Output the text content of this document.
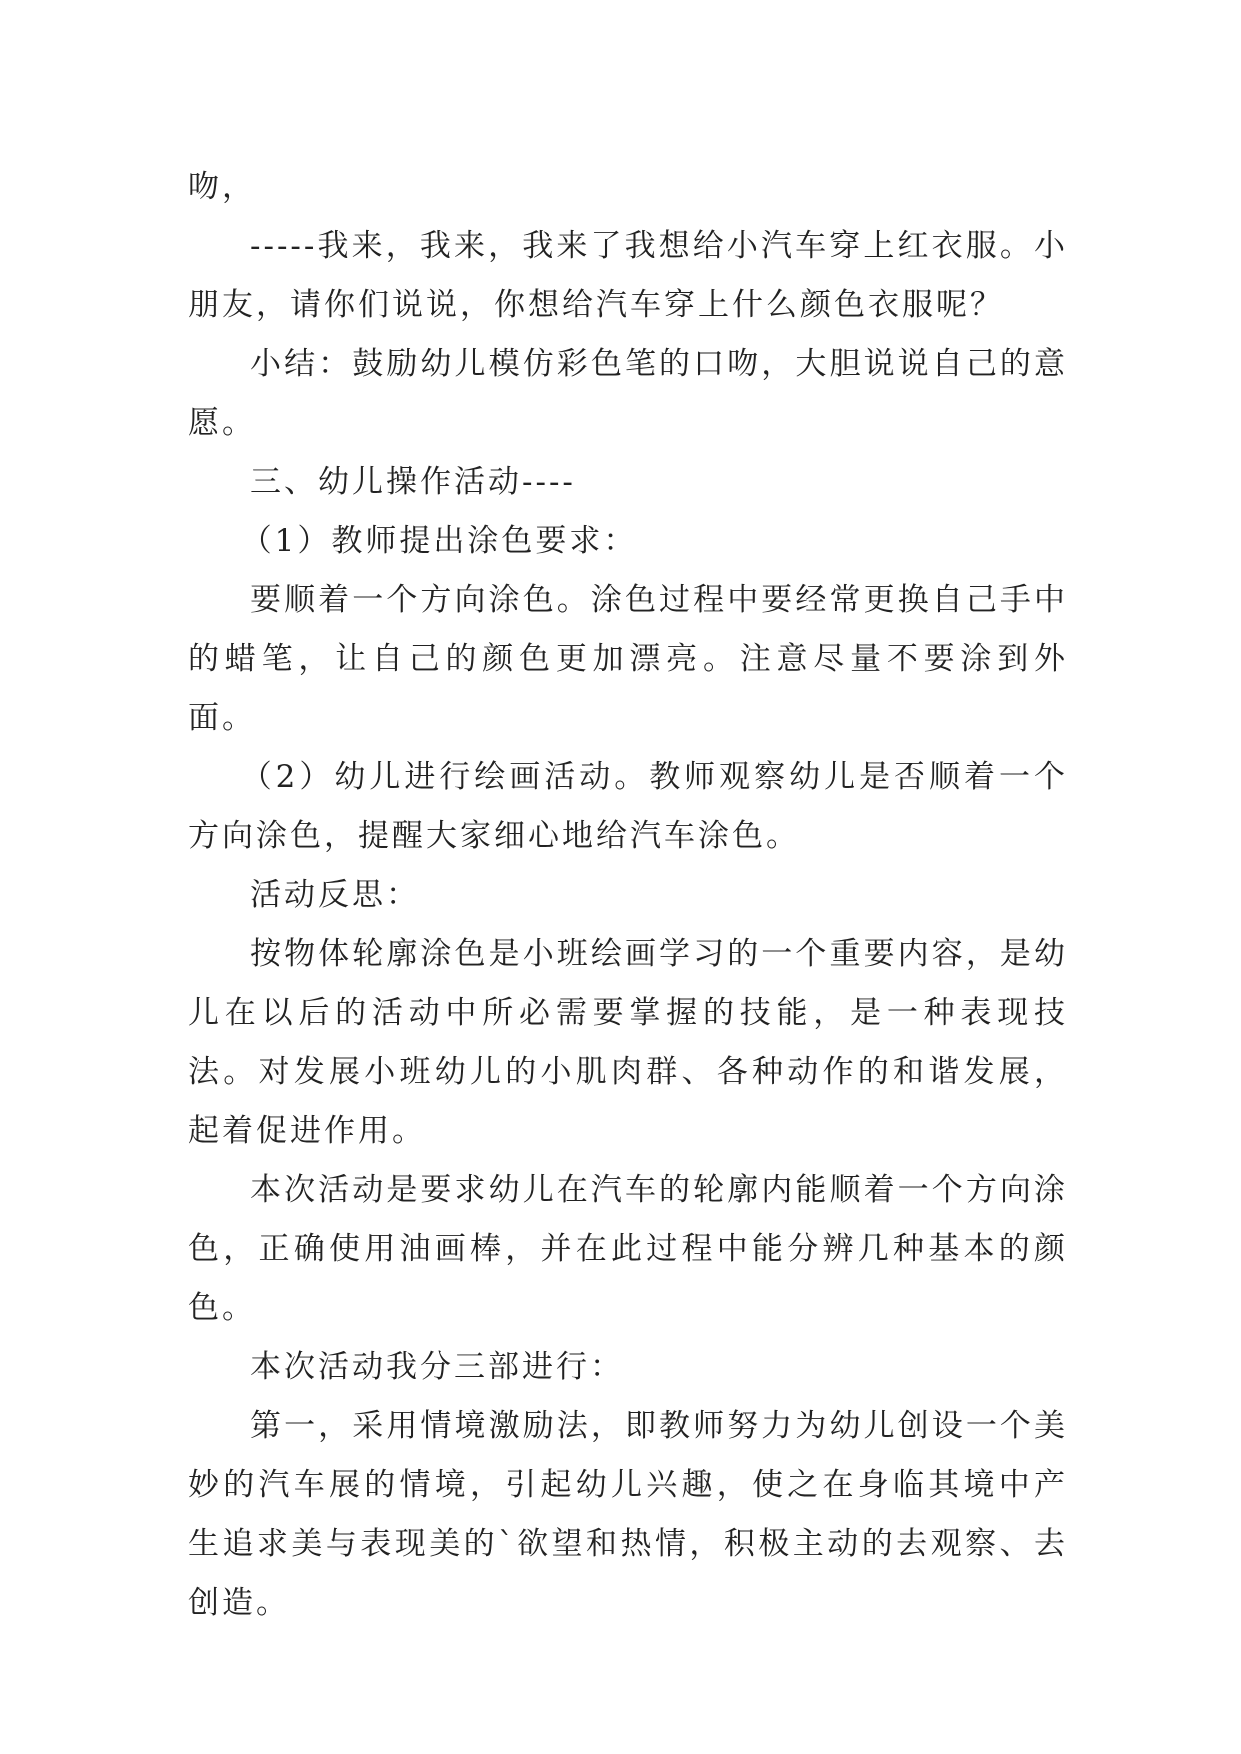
吻，

-----我来，我来，我来了我想给小汽车穿上红衣服。小朋友，请你们说说，你想给汽车穿上什么颜色衣服呢？

小结：鼓励幼儿模仿彩色笔的口吻，大胆说说自己的意愿。

三、幼儿操作活动----

（1）教师提出涂色要求：

要顺着一个方向涂色。涂色过程中要经常更换自己手中的蜡笔，让自己的颜色更加漂亮。注意尽量不要涂到外面。

（2）幼儿进行绘画活动。教师观察幼儿是否顺着一个方向涂色，提醒大家细心地给汽车涂色。

活动反思：

按物体轮廓涂色是小班绘画学习的一个重要内容，是幼儿在以后的活动中所必需要掌握的技能，是一种表现技法。对发展小班幼儿的小肌肉群、各种动作的和谐发展，起着促进作用。

本次活动是要求幼儿在汽车的轮廓内能顺着一个方向涂色，正确使用油画棒，并在此过程中能分辨几种基本的颜色。

本次活动我分三部进行：

第一，采用情境激励法，即教师努力为幼儿创设一个美妙的汽车展的情境，引起幼儿兴趣，使之在身临其境中产生追求美与表现美的`欲望和热情，积极主动的去观察、去创造。
